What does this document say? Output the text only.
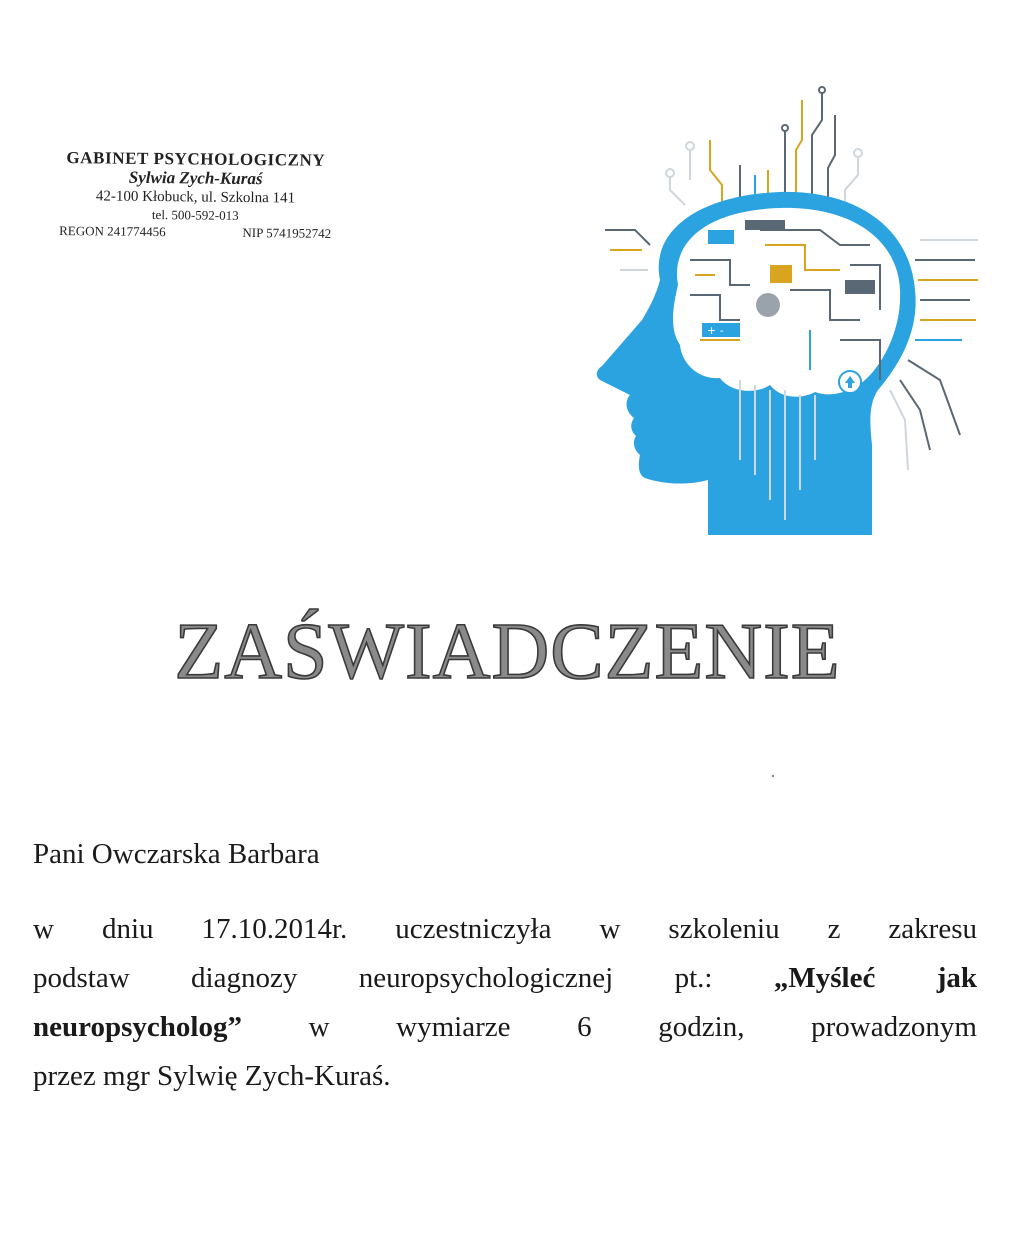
GABINET PSYCHOLOGICZNY
Sylwia Zych-Kuraś
42-100 Kłobuck, ul. Szkolna 141
tel. 500-592-013
REGON 241774456	NIP 5741952742
+ -
ZAŚWIADCZENIE
Pani Owczarska Barbara
w dniu 17.10.2014r. uczestniczyła w szkoleniu z zakresu
podstaw diagnozy neuropsychologicznej pt.: „Myśleć jak
neuropsycholog” w wymiarze 6 godzin, prowadzonym
przez mgr Sylwię Zych-Kuraś.
